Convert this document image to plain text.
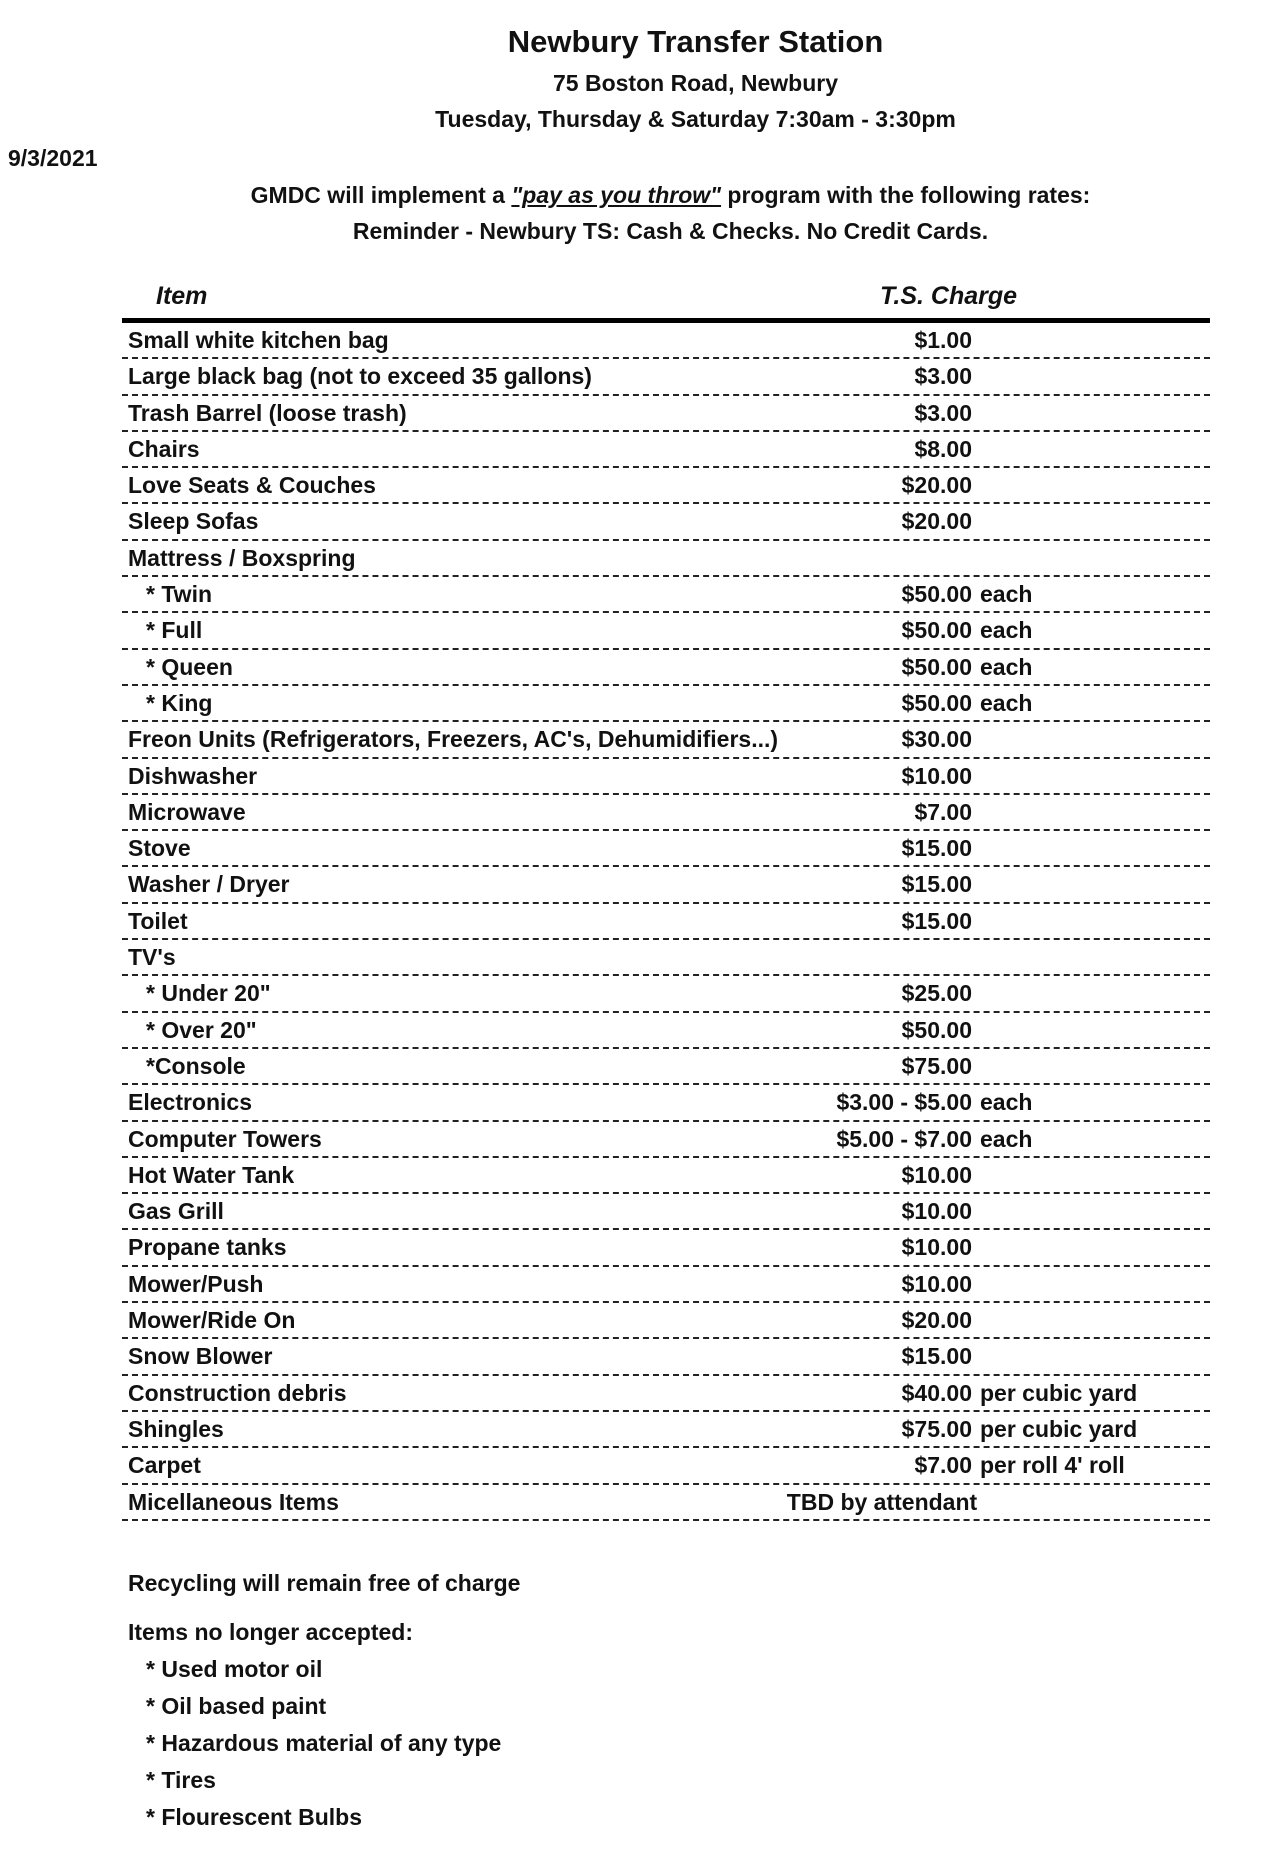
Newbury Transfer Station
75 Boston Road, Newbury
Tuesday, Thursday & Saturday 7:30am - 3:30pm
9/3/2021
GMDC will implement a "pay as you throw" program with the following rates:
Reminder - Newbury TS: Cash & Checks. No Credit Cards.
Item	T.S. Charge
Small white kitchen bag	$1.00
Large black bag (not to exceed 35 gallons)	$3.00
Trash Barrel (loose trash)	$3.00
Chairs	$8.00
Love Seats & Couches	$20.00
Sleep Sofas	$20.00
Mattress / Boxspring
* Twin	$50.00 each
* Full	$50.00 each
* Queen	$50.00 each
* King	$50.00 each
Freon Units (Refrigerators, Freezers, AC's, Dehumidifiers...)	$30.00
Dishwasher	$10.00
Microwave	$7.00
Stove	$15.00
Washer / Dryer	$15.00
Toilet	$15.00
TV's
* Under 20"	$25.00
* Over 20"	$50.00
*Console	$75.00
Electronics	$3.00 - $5.00 each
Computer Towers	$5.00 - $7.00 each
Hot Water Tank	$10.00
Gas Grill	$10.00
Propane tanks	$10.00
Mower/Push	$10.00
Mower/Ride On	$20.00
Snow Blower	$15.00
Construction debris	$40.00 per cubic yard
Shingles	$75.00 per cubic yard
Carpet	$7.00 per roll 4' roll
Micellaneous Items	TBD by attendant
Recycling will remain free of charge
Items no longer accepted:
* Used motor oil
* Oil based paint
* Hazardous material of any type
* Tires
* Flourescent Bulbs
